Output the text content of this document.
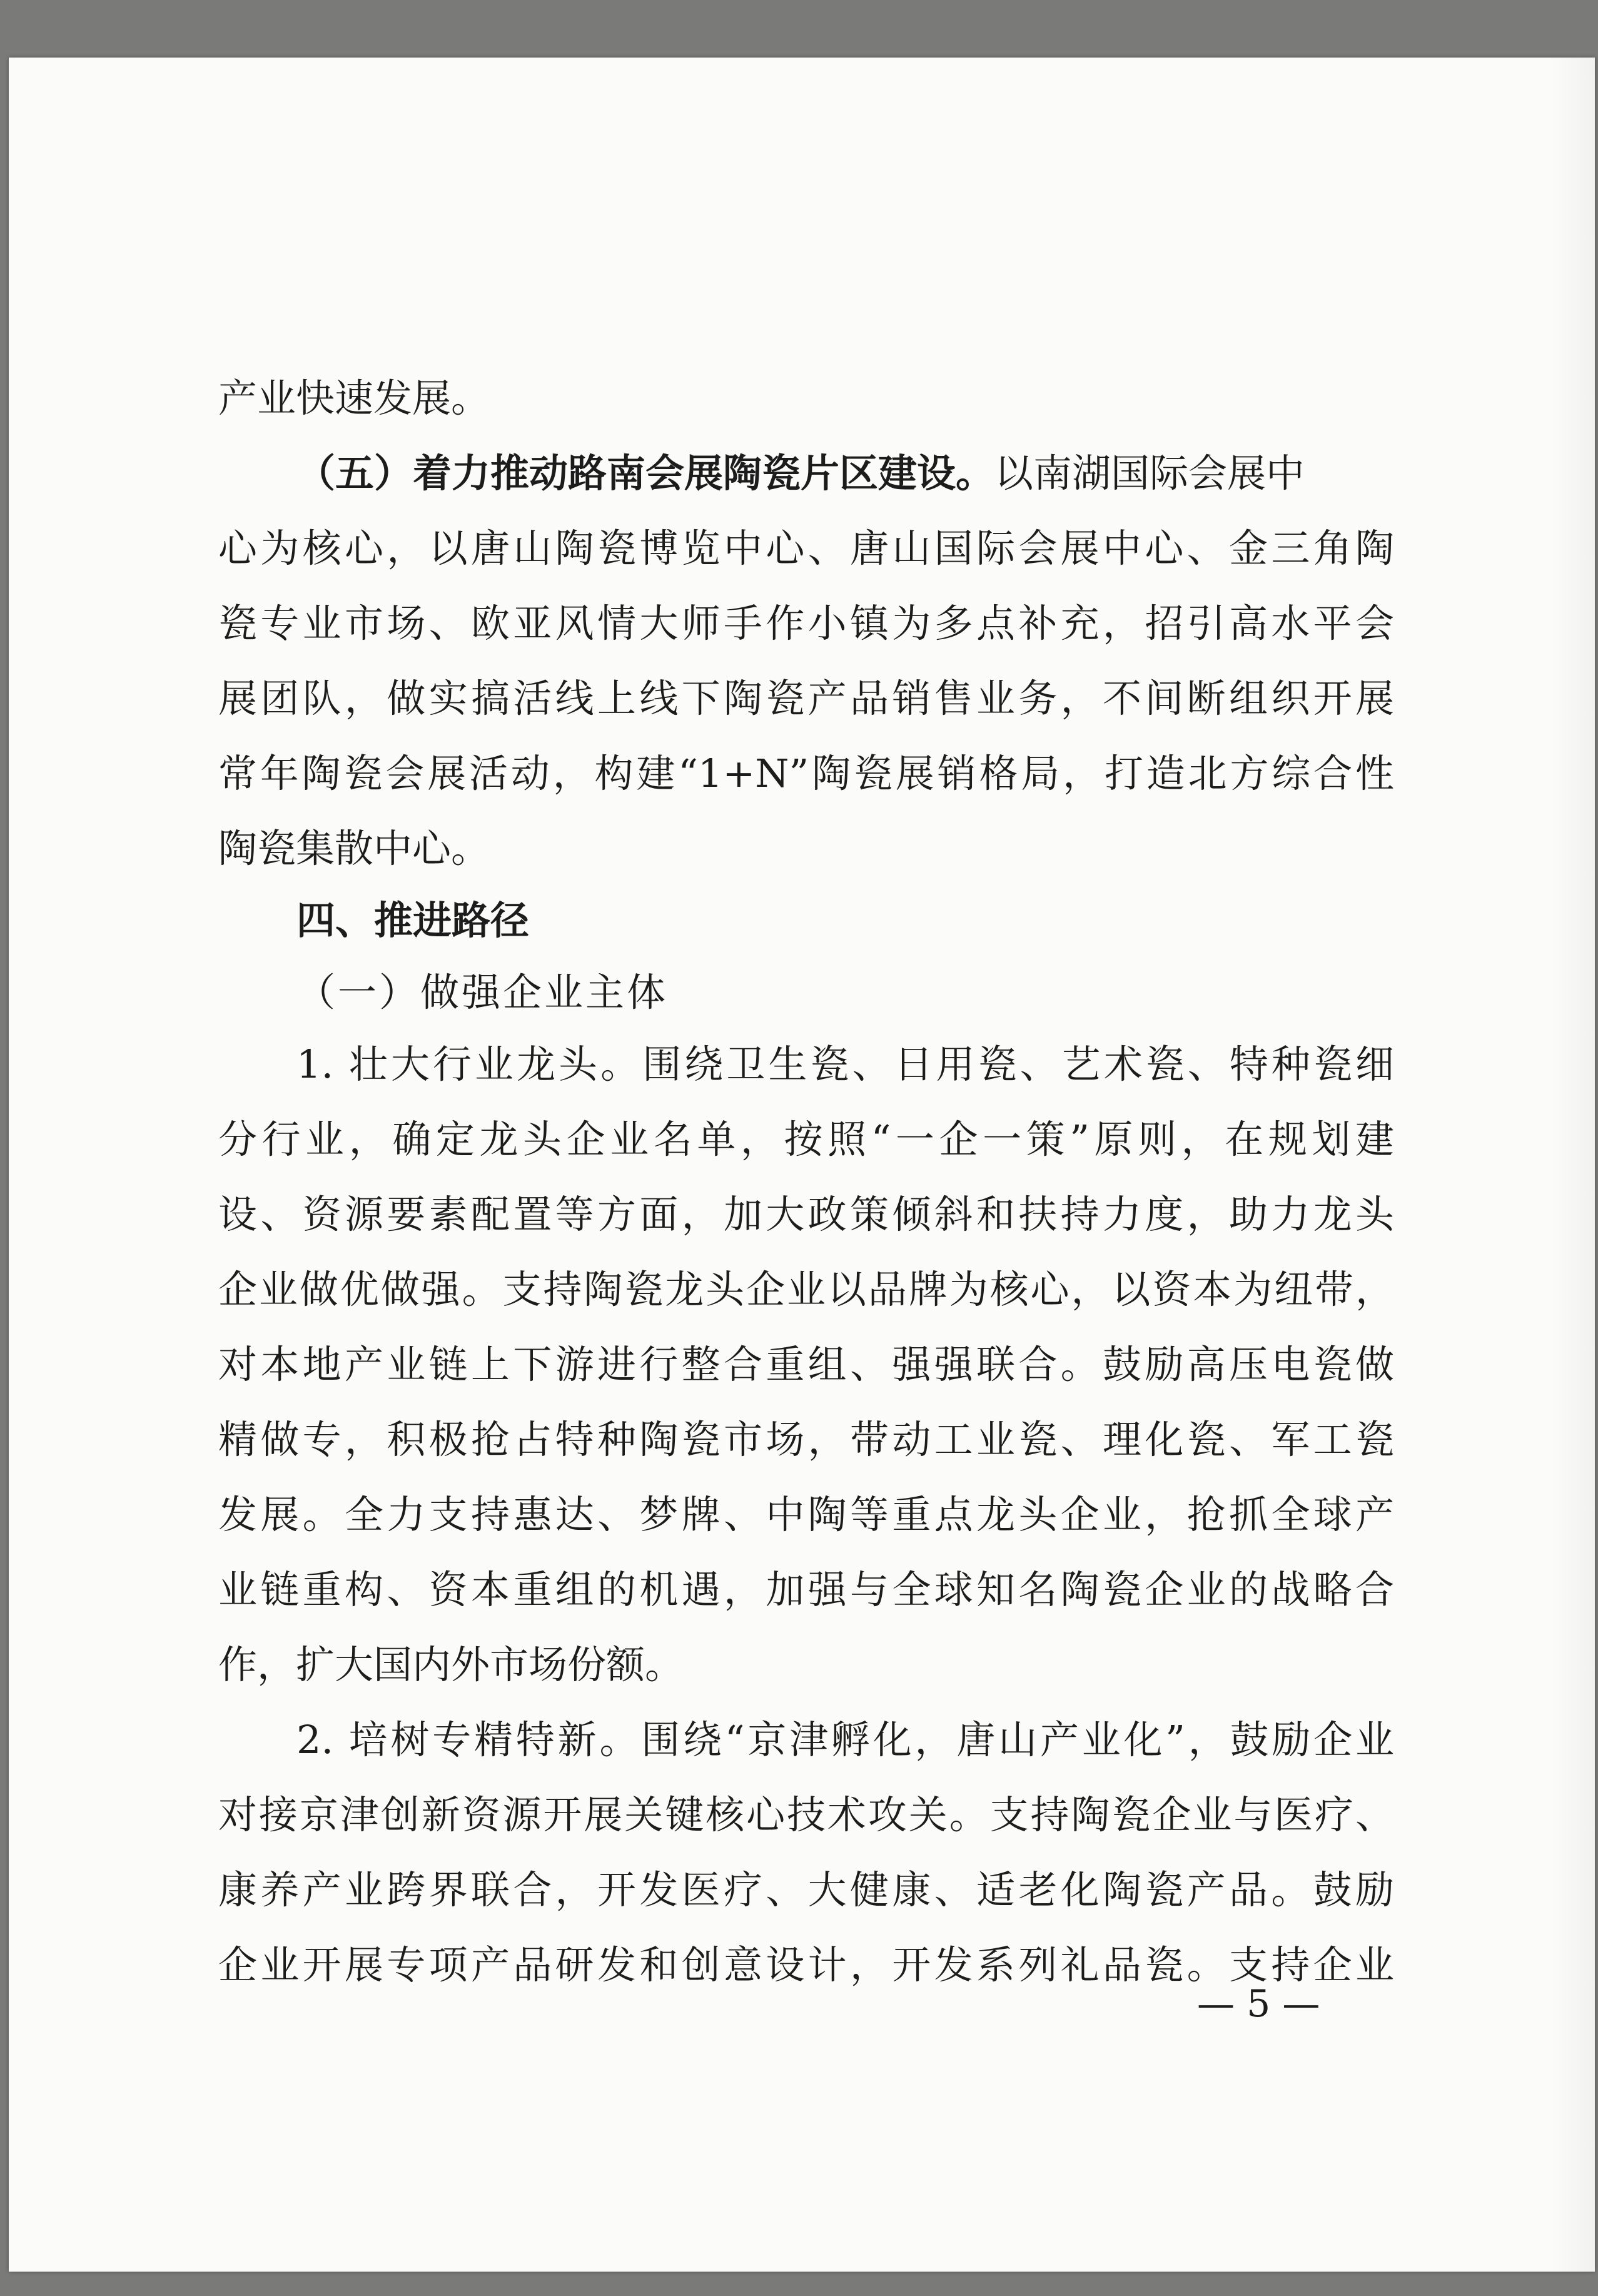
产业快速发展。
（五）着力推动路南会展陶瓷片区建设。以南湖国际会展中
心为核心，以唐山陶瓷博览中心、唐山国际会展中心、金三角陶
瓷专业市场、欧亚风情大师手作小镇为多点补充，招引高水平会
展团队，做实搞活线上线下陶瓷产品销售业务，不间断组织开展
常年陶瓷会展活动，构建“1+N”陶瓷展销格局，打造北方综合性
陶瓷集散中心。
四、推进路径
（一）做强企业主体
1. 壮大行业龙头。围绕卫生瓷、日用瓷、艺术瓷、特种瓷细
分行业，确定龙头企业名单，按照“一企一策”原则，在规划建
设、资源要素配置等方面，加大政策倾斜和扶持力度，助力龙头
企业做优做强。支持陶瓷龙头企业以品牌为核心，以资本为纽带，
对本地产业链上下游进行整合重组、强强联合。鼓励高压电瓷做
精做专，积极抢占特种陶瓷市场，带动工业瓷、理化瓷、军工瓷
发展。全力支持惠达、梦牌、中陶等重点龙头企业，抢抓全球产
业链重构、资本重组的机遇，加强与全球知名陶瓷企业的战略合
作，扩大国内外市场份额。
2. 培树专精特新。围绕“京津孵化，唐山产业化”，鼓励企业
对接京津创新资源开展关键核心技术攻关。支持陶瓷企业与医疗、
康养产业跨界联合，开发医疗、大健康、适老化陶瓷产品。鼓励
企业开展专项产品研发和创意设计，开发系列礼品瓷。支持企业
— 5 —
